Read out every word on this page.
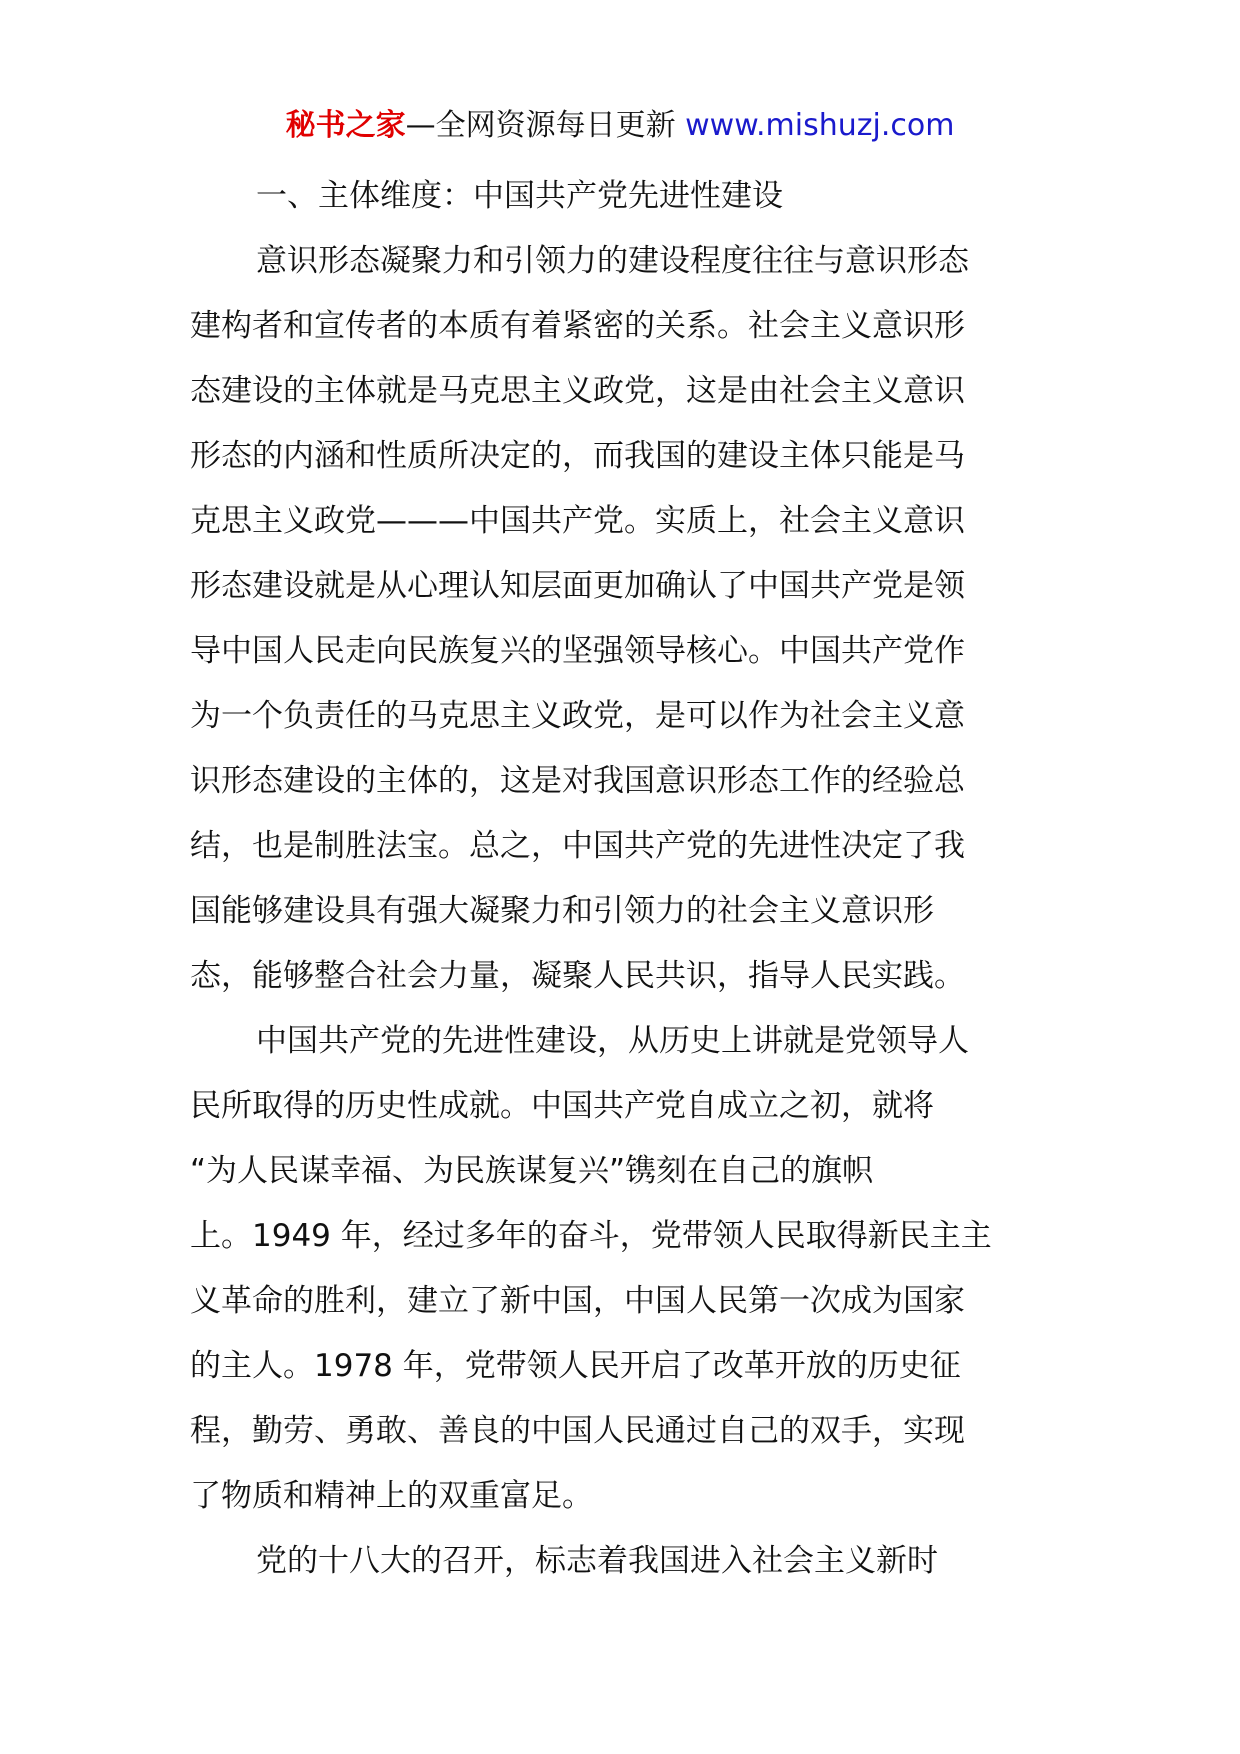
秘书之家—全网资源每日更新 www.mishuzj.com

一、主体维度：中国共产党先进性建设

意识形态凝聚力和引领力的建设程度往往与意识形态
建构者和宣传者的本质有着紧密的关系。社会主义意识形
态建设的主体就是马克思主义政党，这是由社会主义意识
形态的内涵和性质所决定的，而我国的建设主体只能是马
克思主义政党———中国共产党。实质上，社会主义意识
形态建设就是从心理认知层面更加确认了中国共产党是领
导中国人民走向民族复兴的坚强领导核心。中国共产党作
为一个负责任的马克思主义政党，是可以作为社会主义意
识形态建设的主体的，这是对我国意识形态工作的经验总
结，也是制胜法宝。总之，中国共产党的先进性决定了我
国能够建设具有强大凝聚力和引领力的社会主义意识形
态，能够整合社会力量，凝聚人民共识，指导人民实践。

中国共产党的先进性建设，从历史上讲就是党领导人
民所取得的历史性成就。中国共产党自成立之初，就将
“为人民谋幸福、为民族谋复兴”镌刻在自己的旗帜
上。1949 年，经过多年的奋斗，党带领人民取得新民主主
义革命的胜利，建立了新中国，中国人民第一次成为国家
的主人。1978 年，党带领人民开启了改革开放的历史征
程，勤劳、勇敢、善良的中国人民通过自己的双手，实现
了物质和精神上的双重富足。

党的十八大的召开，标志着我国进入社会主义新时
